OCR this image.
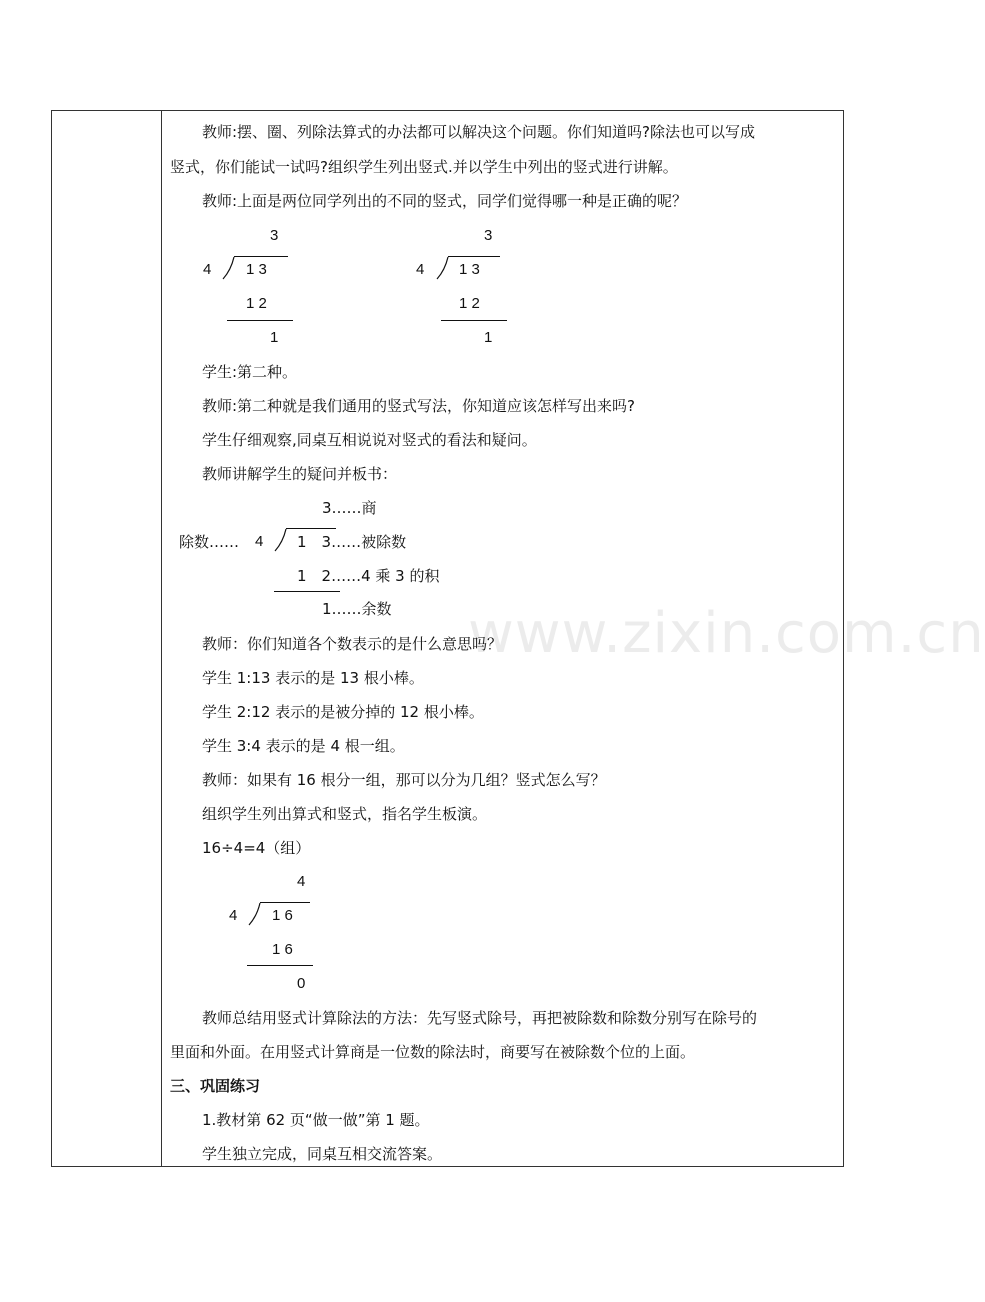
教师:摆、圈、列除法算式的办法都可以解决这个问题。你们知道吗?除法也可以写成
竖式，你们能试一试吗?组织学生列出竖式.并以学生中列出的竖式进行讲解。
教师:上面是两位同学列出的不同的竖式，同学们觉得哪一种是正确的呢？
3
4 1 3
1 2
1
3
4 1 3
1 2
1
学生:第二种。
教师:第二种就是我们通用的竖式写法，你知道应该怎样写出来吗?
学生仔细观察,同桌互相说说对竖式的看法和疑问。
教师讲解学生的疑问并板书：
3……商
除数…… 4 1　3……被除数
1　2……4 乘 3 的积
1……余数 www.zixin.com.cn
教师：你们知道各个数表示的是什么意思吗？
学生 1:13 表示的是 13 根小棒。
学生 2:12 表示的是被分掉的 12 根小棒。
学生 3:4 表示的是 4 根一组。
教师：如果有 16 根分一组，那可以分为几组？竖式怎么写？
组织学生列出算式和竖式，指名学生板演。
16÷4=4（组）
4
4 1 6
1 6
0
教师总结用竖式计算除法的方法：先写竖式除号，再把被除数和除数分别写在除号的
里面和外面。在用竖式计算商是一位数的除法时，商要写在被除数个位的上面。
三、巩固练习
1.教材第 62 页“做一做”第 1 题。
学生独立完成，同桌互相交流答案。
